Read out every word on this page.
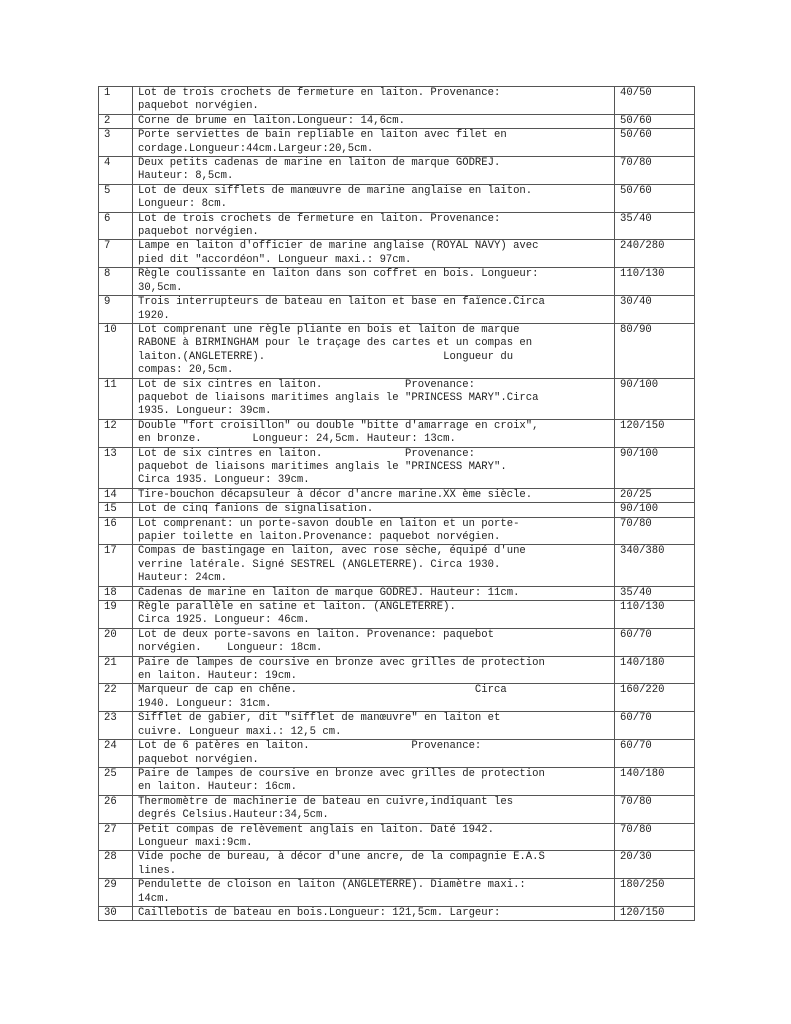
1	Lot de trois crochets de fermeture en laiton. Provenance:
paquebot norvégien.	40/50
2	Corne de brume en laiton.Longueur: 14,6cm.	50/60
3	Porte serviettes de bain repliable en laiton avec filet en
cordage.Longueur:44cm.Largeur:20,5cm.	50/60
4	Deux petits cadenas de marine en laiton de marque GODREJ.
Hauteur: 8,5cm.	70/80
5	Lot de deux sifflets de manœuvre de marine anglaise en laiton.
Longueur: 8cm.	50/60
6	Lot de trois crochets de fermeture en laiton. Provenance:
paquebot norvégien.	35/40
7	Lampe en laiton d'officier de marine anglaise (ROYAL NAVY) avec
pied dit "accordéon". Longueur maxi.: 97cm.	240/280
8	Règle coulissante en laiton dans son coffret en bois. Longueur:
30,5cm.	110/130
9	Trois interrupteurs de bateau en laiton et base en faïence.Circa
1920.	30/40
10	Lot comprenant une règle pliante en bois et laiton de marque
RABONE à BIRMINGHAM pour le traçage des cartes et un compas en
laiton.(ANGLETERRE).                            Longueur du
compas: 20,5cm.	80/90
11	Lot de six cintres en laiton.             Provenance:
paquebot de liaisons maritimes anglais le "PRINCESS MARY".Circa
1935. Longueur: 39cm.	90/100
12	Double "fort croisillon" ou double "bitte d'amarrage en croix",
en bronze.        Longueur: 24,5cm. Hauteur: 13cm.	120/150
13	Lot de six cintres en laiton.             Provenance:
paquebot de liaisons maritimes anglais le "PRINCESS MARY".
Circa 1935. Longueur: 39cm.	90/100
14	Tire-bouchon décapsuleur à décor d'ancre marine.XX ème siècle.	20/25
15	Lot de cinq fanions de signalisation.	90/100
16	Lot comprenant: un porte-savon double en laiton et un porte-
papier toilette en laiton.Provenance: paquebot norvégien.	70/80
17	Compas de bastingage en laiton, avec rose sèche, équipé d'une
verrine latérale. Signé SESTREL (ANGLETERRE). Circa 1930.
Hauteur: 24cm.	340/380
18	Cadenas de marine en laiton de marque GODREJ. Hauteur: 11cm.	35/40
19	Règle parallèle en satine et laiton. (ANGLETERRE).
Circa 1925. Longueur: 46cm.	110/130
20	Lot de deux porte-savons en laiton. Provenance: paquebot
norvégien.    Longueur: 18cm.	60/70
21	Paire de lampes de coursive en bronze avec grilles de protection
en laiton. Hauteur: 19cm.	140/180
22	Marqueur de cap en chêne.                            Circa
1940. Longueur: 31cm.	160/220
23	Sifflet de gabier, dit "sifflet de manœuvre" en laiton et
cuivre. Longueur maxi.: 12,5 cm.	60/70
24	Lot de 6 patères en laiton.                Provenance:
paquebot norvégien.	60/70
25	Paire de lampes de coursive en bronze avec grilles de protection
en laiton. Hauteur: 16cm.	140/180
26	Thermomètre de machinerie de bateau en cuivre,indiquant les
degrés Celsius.Hauteur:34,5cm.	70/80
27	Petit compas de relèvement anglais en laiton. Daté 1942.
Longueur maxi:9cm.	70/80
28	Vide poche de bureau, à décor d'une ancre, de la compagnie E.A.S
lines.	20/30
29	Pendulette de cloison en laiton (ANGLETERRE). Diamètre maxi.:
14cm.	180/250
30	Caillebotis de bateau en bois.Longueur: 121,5cm. Largeur:	120/150
